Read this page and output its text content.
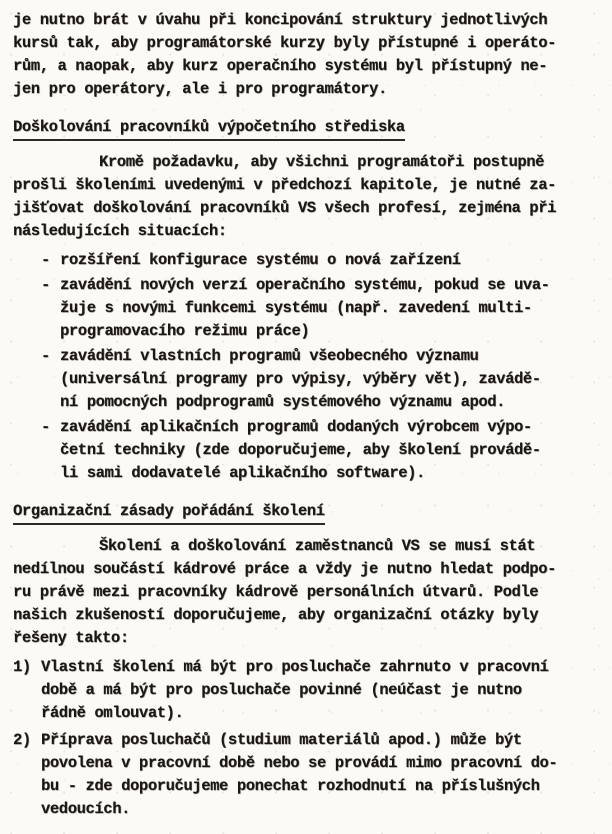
je nutno brát v úvahu při koncipování struktury jednotlivých
kursů tak, aby programátorské kurzy byly přístupné i operáto-
rům, a naopak, aby kurz operačního systému byl přístupný ne-
jen pro operátory, ale i pro programátory.
Doškolování pracovníků výpočetního střediska
Kromě požadavku, aby všichni programátoři postupně
prošli školeními uvedenými v předchozí kapitole, je nutné za-
jišťovat doškolování pracovníků VS všech profesí, zejména při
následujících situacích:
- rozšíření konfigurace systému o nová zařízení
- zavádění nových verzí operačního systému, pokud se uva-
žuje s novými funkcemi systému (např. zavedení multi-
programovacího režimu práce)
- zavádění vlastních programů všeobecného významu
(universální programy pro výpisy, výběry vět), zavádě-
ní pomocných podprogramů systémového významu apod.
- zavádění aplikačních programů dodaných výrobcem výpo-
četní techniky (zde doporučujeme, aby školení provádě-
li sami dodavatelé aplikačního software).
Organizační zásady pořádání školení
Školení a doškolování zaměstnanců VS se musí stát
nedílnou součástí kádrové práce a vždy je nutno hledat podpo-
ru právě mezi pracovníky kádrově personálních útvarů. Podle
našich zkušeností doporučujeme, aby organizační otázky byly
řešeny takto:
1) Vlastní školení má být pro posluchače zahrnuto v pracovní
době a má být pro posluchače povinné (neúčast je nutno
řádně omlouvat).
2) Příprava posluchačů (studium materiálů apod.) může být
povolena v pracovní době nebo se provádí mimo pracovní do-
bu - zde doporučujeme ponechat rozhodnutí na příslušných
vedoucích.
